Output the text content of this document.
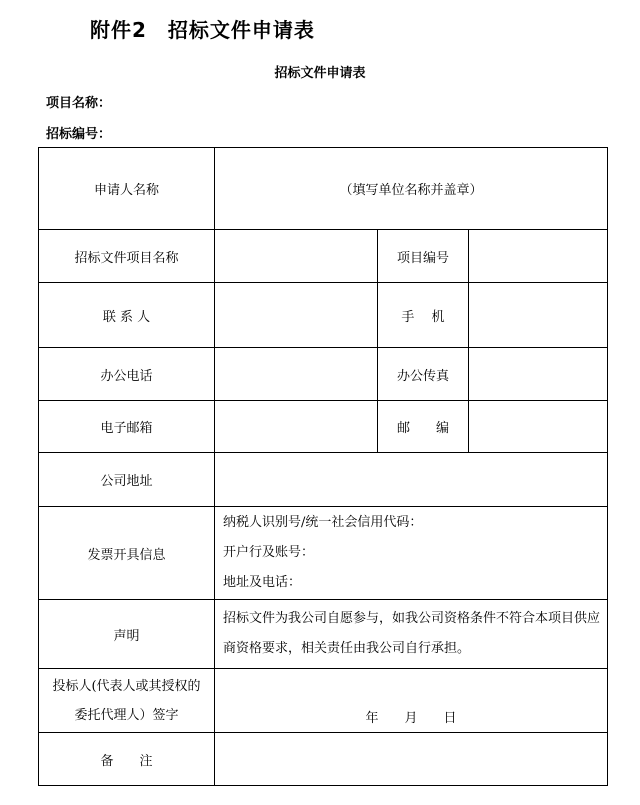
附件2　招标文件申请表
招标文件申请表
项目名称：
招标编号：
申请人名称	（填写单位名称并盖章）		
招标文件项目名称		项目编号	
联 系 人		手　 机	
办公电话		办公传真	
电子邮箱		邮　　编	
公司地址			
发票开具信息	纳税人识别号/统一社会信用代码：
开户行及账号：
地址及电话：		

声明	招标文件为我公司自愿参与，如我公司资格条件不符合本项目供应商资格要求，相关责任由我公司自行承担。		

投标人(代表人或其授权的
委托代理人）签字	年　　月　　日		
备　　注			
